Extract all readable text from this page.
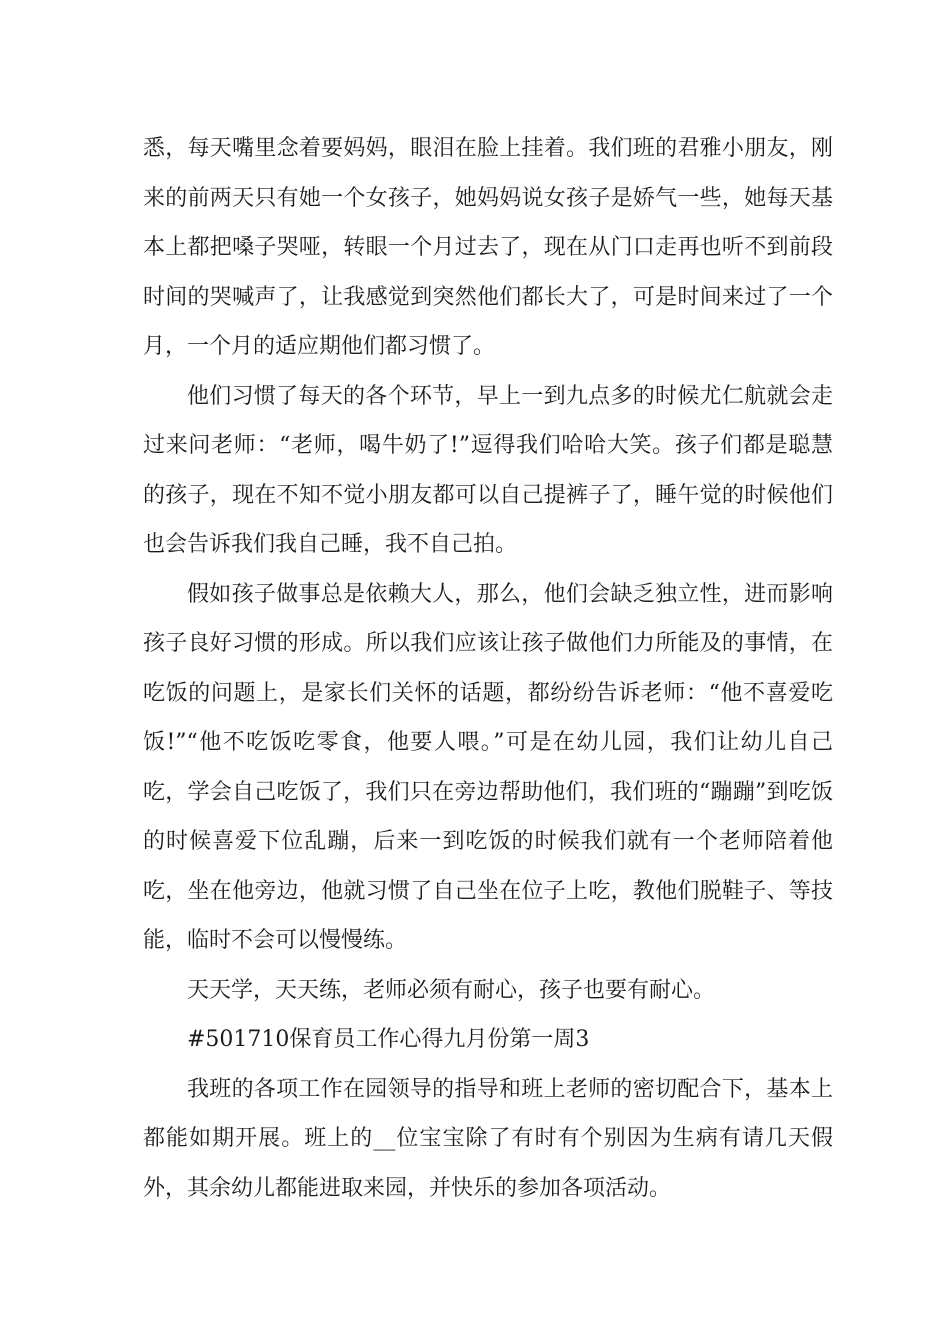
悉，每天嘴里念着要妈妈，眼泪在脸上挂着。我们班的君雅小朋友，刚来的前两天只有她一个女孩子，她妈妈说女孩子是娇气一些，她每天基本上都把嗓子哭哑，转眼一个月过去了，现在从门口走再也听不到前段时间的哭喊声了，让我感觉到突然他们都长大了，可是时间来过了一个月，一个月的适应期他们都习惯了。

他们习惯了每天的各个环节，早上一到九点多的时候尤仁航就会走过来问老师：“老师，喝牛奶了!”逗得我们哈哈大笑。孩子们都是聪慧的孩子，现在不知不觉小朋友都可以自己提裤子了，睡午觉的时候他们也会告诉我们我自己睡，我不自己拍。

假如孩子做事总是依赖大人，那么，他们会缺乏独立性，进而影响孩子良好习惯的形成。所以我们应该让孩子做他们力所能及的事情，在吃饭的问题上，是家长们关怀的话题，都纷纷告诉老师：“他不喜爱吃饭!”“他不吃饭吃零食，他要人喂。”可是在幼儿园，我们让幼儿自己吃，学会自己吃饭了，我们只在旁边帮助他们，我们班的“蹦蹦”到吃饭的时候喜爱下位乱蹦，后来一到吃饭的时候我们就有一个老师陪着他吃，坐在他旁边，他就习惯了自己坐在位子上吃，教他们脱鞋子、等技能，临时不会可以慢慢练。

天天学，天天练，老师必须有耐心，孩子也要有耐心。

#501710保育员工作心得九月份第一周3

我班的各项工作在园领导的指导和班上老师的密切配合下，基本上都能如期开展。班上的__位宝宝除了有时有个别因为生病有请几天假外，其余幼儿都能进取来园，并快乐的参加各项活动。
